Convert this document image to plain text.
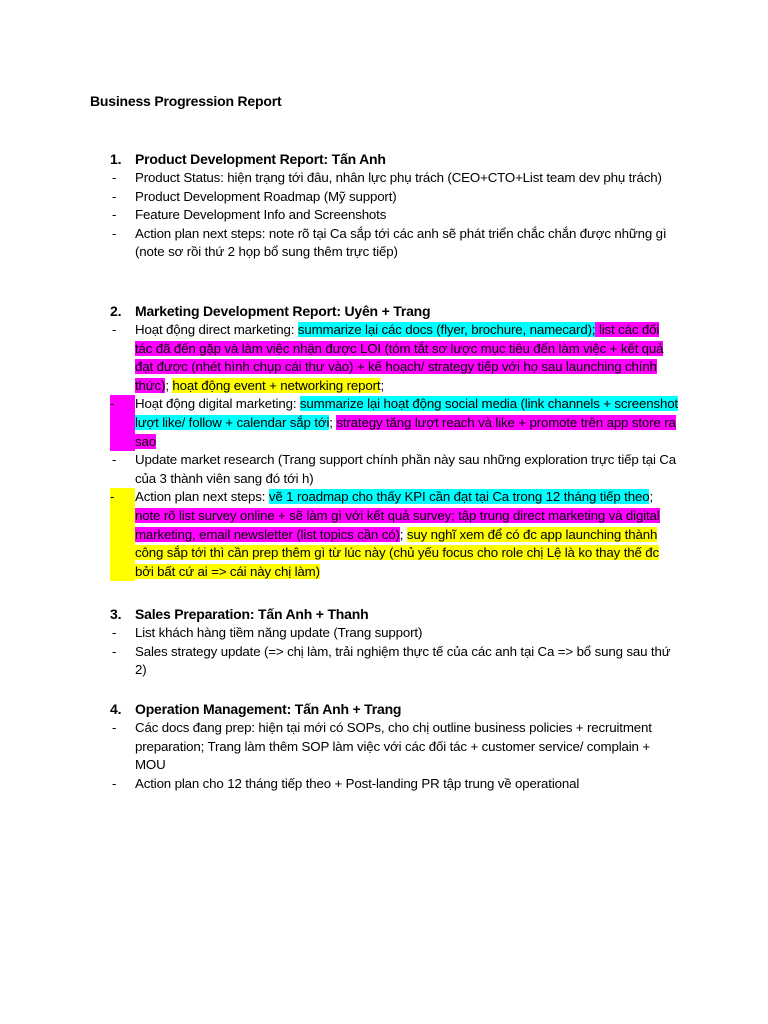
Business Progression Report
1. Product Development Report: Tấn Anh
-	Product Status: hiện trạng tới đâu, nhân lực phụ trách (CEO+CTO+List team dev phụ trách)
-	Product Development Roadmap (Mỹ support)
-	Feature Development Info and Screenshots
-	Action plan next steps: note rõ tại Ca sắp tới các anh sẽ phát triển chắc chắn được những gì (note sơ rồi thứ 2 họp bổ sung thêm trực tiếp)
2. Marketing Development Report: Uyên + Trang
-	Hoạt động direct marketing: summarize lại các docs (flyer, brochure, namecard); list các đối tác đã đến gặp và làm việc nhận được LOI (tóm tắt sơ lược mục tiêu đến làm việc + kết quả đạt được (nhét hình chụp cái thư vào) + kế hoạch/ strategy tiếp với họ sau launching chính thức); hoạt động event + networking report;
-	Hoạt động digital marketing: summarize lại hoạt động social media (link channels + screenshot lượt like/ follow + calendar sắp tới; strategy tăng lượt reach và like + promote trên app store ra sao
-	Update market research (Trang support chính phần này sau những exploration trực tiếp tại Ca của 3 thành viên sang đó tới h)
-	Action plan next steps: vẽ 1 roadmap cho thấy KPI cần đạt tại Ca trong 12 tháng tiếp theo; note rõ list survey online + sẽ làm gì với kết quả survey; tập trung direct marketing và digital marketing, email newsletter (list topics cần có); suy nghĩ xem để có đc app launching thành công sắp tới thì cần prep thêm gì từ lúc này (chủ yếu focus cho role chị Lệ là ko thay thế đc bởi bất cứ ai => cái này chị làm)
3. Sales Preparation: Tấn Anh + Thanh
-	List khách hàng tiềm năng update (Trang support)
-	Sales strategy update (=> chị làm, trải nghiệm thực tế của các anh tại Ca => bổ sung sau thứ 2)
4. Operation Management: Tấn Anh + Trang
-	Các docs đang prep: hiện tại mới có SOPs, cho chị outline business policies + recruitment preparation; Trang làm thêm SOP làm việc với các đối tác + customer service/ complain + MOU
-	Action plan cho 12 tháng tiếp theo + Post-landing PR tập trung về operational
